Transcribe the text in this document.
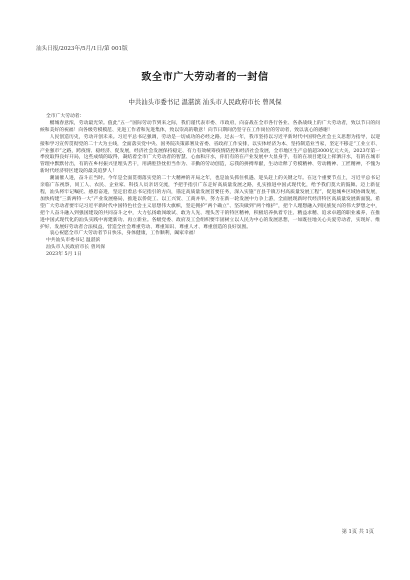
汕头日报/2023年/5月/1日/第 001版
致全市广大劳动者的一封信
中共汕头市委书记 温湛滨 汕头市人民政府市长 曾风保

全市广大劳动者：

榴城春意浓，劳动最光荣。值此“五一”国际劳动节到来之际，我们谨代表市委、市政府，向奋战在全市各行各业、各条战线上的广大劳动者，致以节日的问候和美好的祝福！向各级劳模模范、先进工作者和先进集体，致以崇高的敬意！向节日期间仍坚守在工作岗位的劳动者，致以衷心的感谢！

人民创造历史，劳动开创未来。习近平总书记强调，劳动是一切成功的必经之路。过去一年，我市坚持以习近平新时代中国特色社会主义思想为指导，以迎接和学习宣传贯彻党的二十大为主线，全面落实党中央、国务院决策部署及省委、省政府工作安排，以实体经济为本、坚持制造业当家，坚定不移走“工业立市、产业强市”之路，跨疫情、稳经济、促发展，经济社会发展保持稳定、有力有效统筹疫情防控和经济社会发展，全市地区生产总值超3000亿元大关，2023年第一季度取得良好开局，这些成绩的取得，凝结着全市广大劳动者的智慧、心血和汗水，你们有的在产业发展中大显身手，有的在项目建设上挥洒汗水，有的在城市管理中默默付出，有的在乡村振兴里埋头苦干，用满腔热忱担当作为、辛勤的劳动创造，忘我的拼搏奉献，生动诠释了劳模精神、劳动精神、工匠精神，不愧为新时代经济特区建设的最美追梦人！

潮涌催人进，奋斗正当时。今年是全面贯彻落实党的二十大精神的开局之年，也是汕头抓住机遇、迎头赶上的关键之年。在这个重要节点上，习近平总书记亲临广东视察，同工人、农民、企业家、科技人员亲切交流，予把手指引广东走好高质量发展之路，扎实推进中国式现代化，给予我们莫大的鼓舞。迈上新征程，汕头将牢记嘱托、感恩奋进，坚定沿着总书记指引的方向，锚定高质量发展首要任务，深入实施“百县千镇万村高质量发展工程”，促进城乡区域协调发展，加快构建“三新两特一大”产业发展格局，推进以侨促工、以工兴贸、工商并举，努力在新一轮发展中力争上游，全面展现新时代经济特区高质量发展新面貌。希望广大劳动者要牢记习近平新时代中国特色社会主义思想伟大旗帜，坚定拥护“两个确立”、坚决做到“两个维护”，把个人理想融入到民族复兴的伟大梦想之中，把个人奋斗融入到强国建设的共同奋斗之中，大力弘扬敢闯敢试、敢为人先、埋头苦干的特区精神，积极培养执着专注、精益求精、追求卓越的职业素养，在推进中国式现代化的汕头实践中再建新功、再立新业。各级党委、政府及工会组织要牢固树立以人民为中心的发展思想，一如既往地关心关爱劳动者，实现好、维护好、发展好劳动者合法权益，营造全社会尊重劳动、尊重知识、尊重人才、尊重创造的良好氛围。

衷心祝愿全市广大劳动者节日快乐，身体健康，工作顺利，阖家幸福！

中共汕头市委书记 温湛滨

汕头市人民政府市长 曾风保

2023年 5月 1日

第 1页 共 1页
